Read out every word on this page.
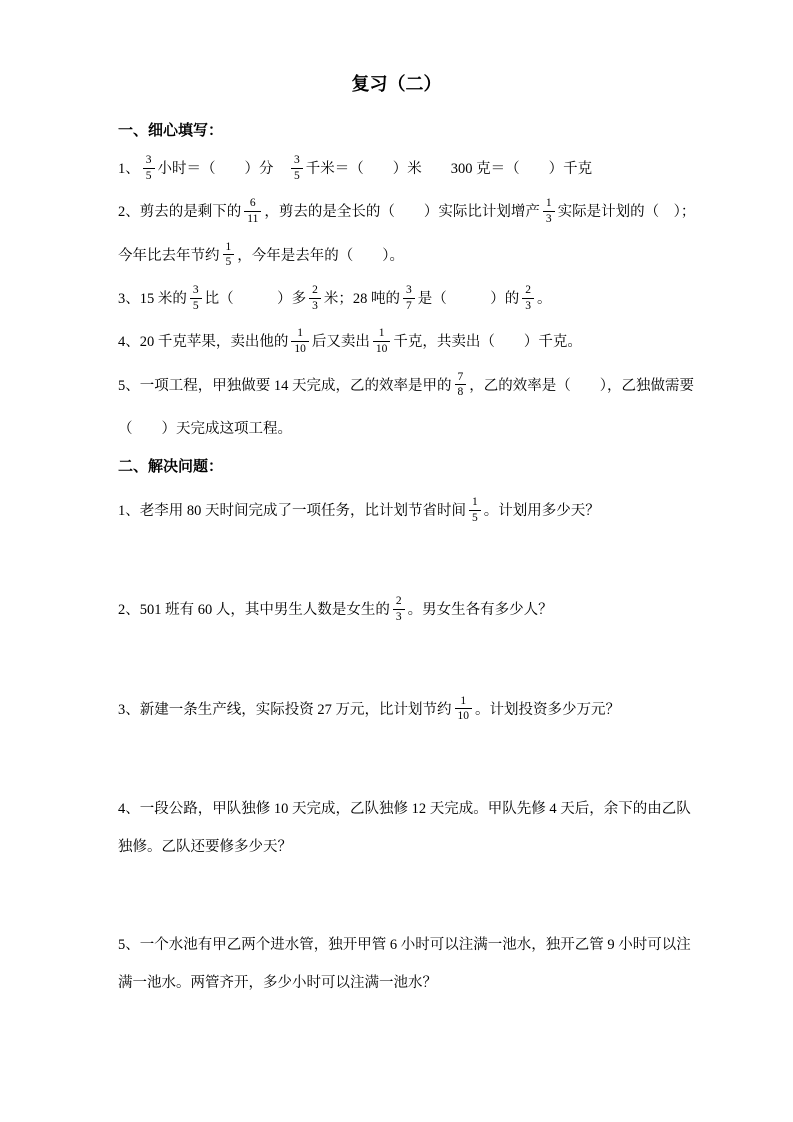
复习（二）

一、细心填写：

1、 $\frac{3}{5}$ 小时＝（　　）分　 $\frac{3}{5}$ 千米＝（　　）米　　300 克＝（　　）千克

2、剪去的是剩下的 $\frac{6}{11}$ ，剪去的是全长的（　　）实际比计划增产 $\frac{1}{3}$ 实际是计划的（　）；

今年比去年节约 $\frac{1}{5}$ ，今年是去年的（　　）。

3、15 米的 $\frac{3}{5}$ 比（　　　）多 $\frac{2}{3}$ 米；28 吨的 $\frac{3}{7}$ 是（　　　）的 $\frac{2}{3}$ 。

4、20 千克苹果，卖出他的 $\frac{1}{10}$ 后又卖出 $\frac{1}{10}$ 千克，共卖出（　　）千克。

5、一项工程，甲独做要 14 天完成，乙的效率是甲的 $\frac{7}{8}$ ，乙的效率是（　　），乙独做需要

（　　）天完成这项工程。

二、解决问题：

1、老李用 80 天时间完成了一项任务，比计划节省时间 $\frac{1}{5}$ 。计划用多少天？

2、501 班有 60 人，其中男生人数是女生的 $\frac{2}{3}$ 。男女生各有多少人？

3、新建一条生产线，实际投资 27 万元，比计划节约 $\frac{1}{10}$ 。计划投资多少万元？

4、一段公路，甲队独修 10 天完成，乙队独修 12 天完成。甲队先修 4 天后，余下的由乙队

独修。乙队还要修多少天？

5、一个水池有甲乙两个进水管，独开甲管 6 小时可以注满一池水，独开乙管 9 小时可以注

满一池水。两管齐开，多少小时可以注满一池水？
